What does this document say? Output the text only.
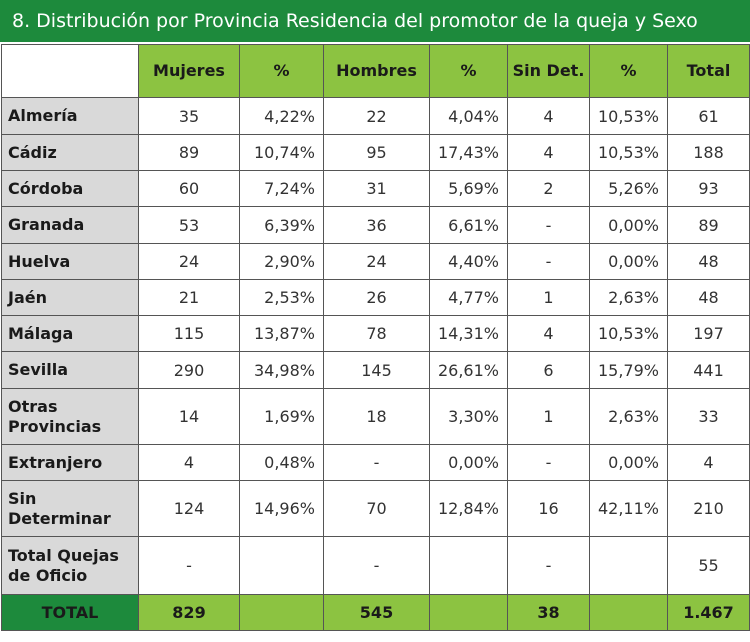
8. Distribución por Provincia Residencia del promotor de la queja y Sexo
	Mujeres	%	Hombres	%	Sin Det.	%	Total
Almería	35	4,22%	22	4,04%	4	10,53%	61
Cádiz	89	10,74%	95	17,43%	4	10,53%	188
Córdoba	60	7,24%	31	5,69%	2	5,26%	93
Granada	53	6,39%	36	6,61%	-	0,00%	89
Huelva	24	2,90%	24	4,40%	-	0,00%	48
Jaén	21	2,53%	26	4,77%	1	2,63%	48
Málaga	115	13,87%	78	14,31%	4	10,53%	197
Sevilla	290	34,98%	145	26,61%	6	15,79%	441
Otras Provincias	14	1,69%	18	3,30%	1	2,63%	33
Extranjero	4	0,48%	-	0,00%	-	0,00%	4
Sin Determinar	124	14,96%	70	12,84%	16	42,11%	210
Total Quejas de Oficio	-		-		-		55
TOTAL	829		545		38		1.467
